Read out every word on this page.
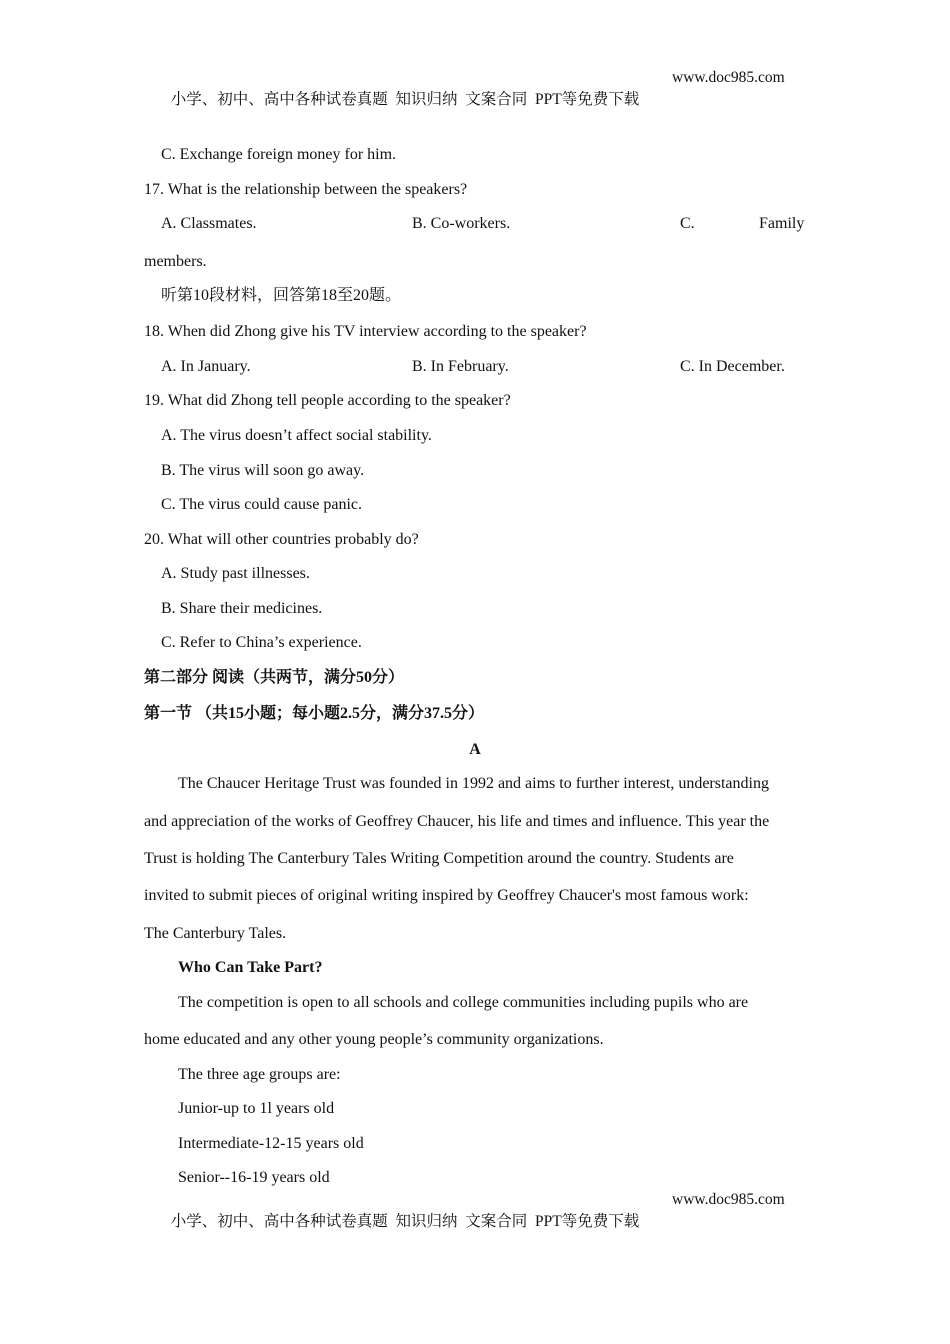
小学、初中、高中各种试卷真题  知识归纳  文案合同  PPT等免费下载

www.doc985.com

C. Exchange foreign money for him.
17. What is the relationship between the speakers?
A. Classmates.	B. Co-workers.	C.	Family
members.
听第10段材料，回答第18至20题。
18. When did Zhong give his TV interview according to the speaker?
A. In January.	B. In February.	C. In December.
19. What did Zhong tell people according to the speaker?
A. The virus doesn’t affect social stability.
B. The virus will soon go away.
C. The virus could cause panic.
20. What will other countries probably do?
A. Study past illnesses.
B. Share their medicines.
C. Refer to China’s experience.
第二部分 阅读（共两节，满分50分）
第一节 （共15小题；每小题2.5分，满分37.5分）
A
The Chaucer Heritage Trust was founded in 1992 and aims to further interest, understanding
and appreciation of the works of Geoffrey Chaucer, his life and times and influence. This year the
Trust is holding The Canterbury Tales Writing Competition around the country. Students are
invited to submit pieces of original writing inspired by Geoffrey Chaucer's most famous work:
The Canterbury Tales.
Who Can Take Part?
The competition is open to all schools and college communities including pupils who are
home educated and any other young people’s community organizations.
The three age groups are:
Junior-up to 1l years old
Intermediate-12-15 years old
Senior--16-19 years old

小学、初中、高中各种试卷真题  知识归纳  文案合同  PPT等免费下载

www.doc985.com
